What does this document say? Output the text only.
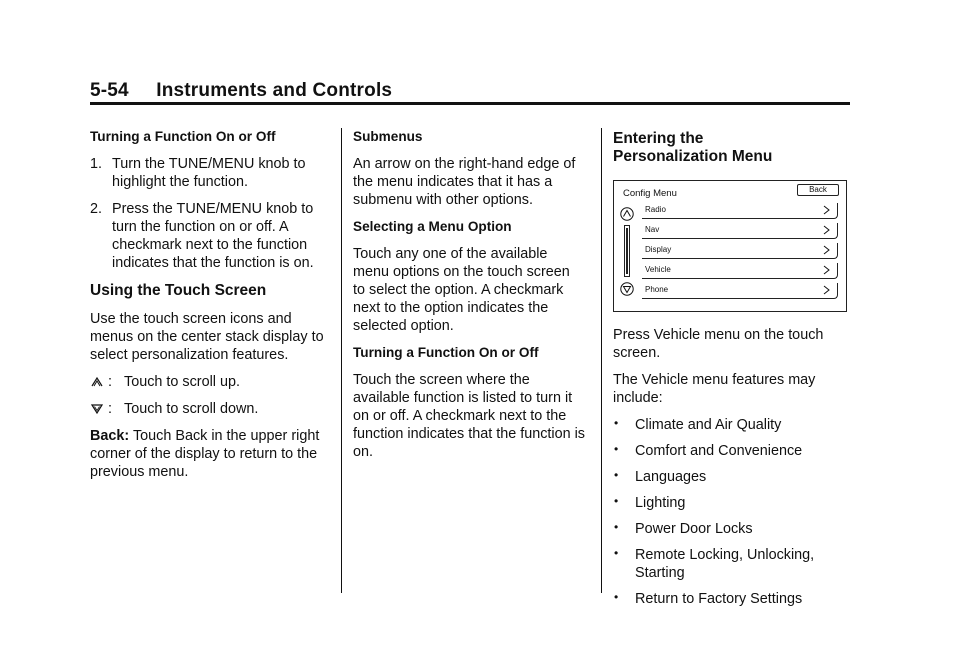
5-54     Instruments and Controls
Turning a Function On or Off
1. Turn the TUNE/MENU knob to highlight the function.
2. Press the TUNE/MENU knob to turn the function on or off. A checkmark next to the function indicates that the function is on.
Using the Touch Screen
Use the touch screen icons and menus on the center stack display to select personalization features.
: Touch to scroll up.
: Touch to scroll down.
Back: Touch Back in the upper right corner of the display to return to the previous menu.
Submenus
An arrow on the right-hand edge of the menu indicates that it has a submenu with other options.
Selecting a Menu Option
Touch any one of the available menu options on the touch screen to select the option. A checkmark next to the option indicates the selected option.
Turning a Function On or Off
Touch the screen where the available function is listed to turn it on or off. A checkmark next to the function indicates that the function is on.
Entering the Personalization Menu
Config Menu	Back
Radio
Nav
Display
Vehicle
Phone
Press Vehicle menu on the touch screen.
The Vehicle menu features may include:
•	Climate and Air Quality
•	Comfort and Convenience
•	Languages
•	Lighting
•	Power Door Locks
•	Remote Locking, Unlocking, Starting
•	Return to Factory Settings
